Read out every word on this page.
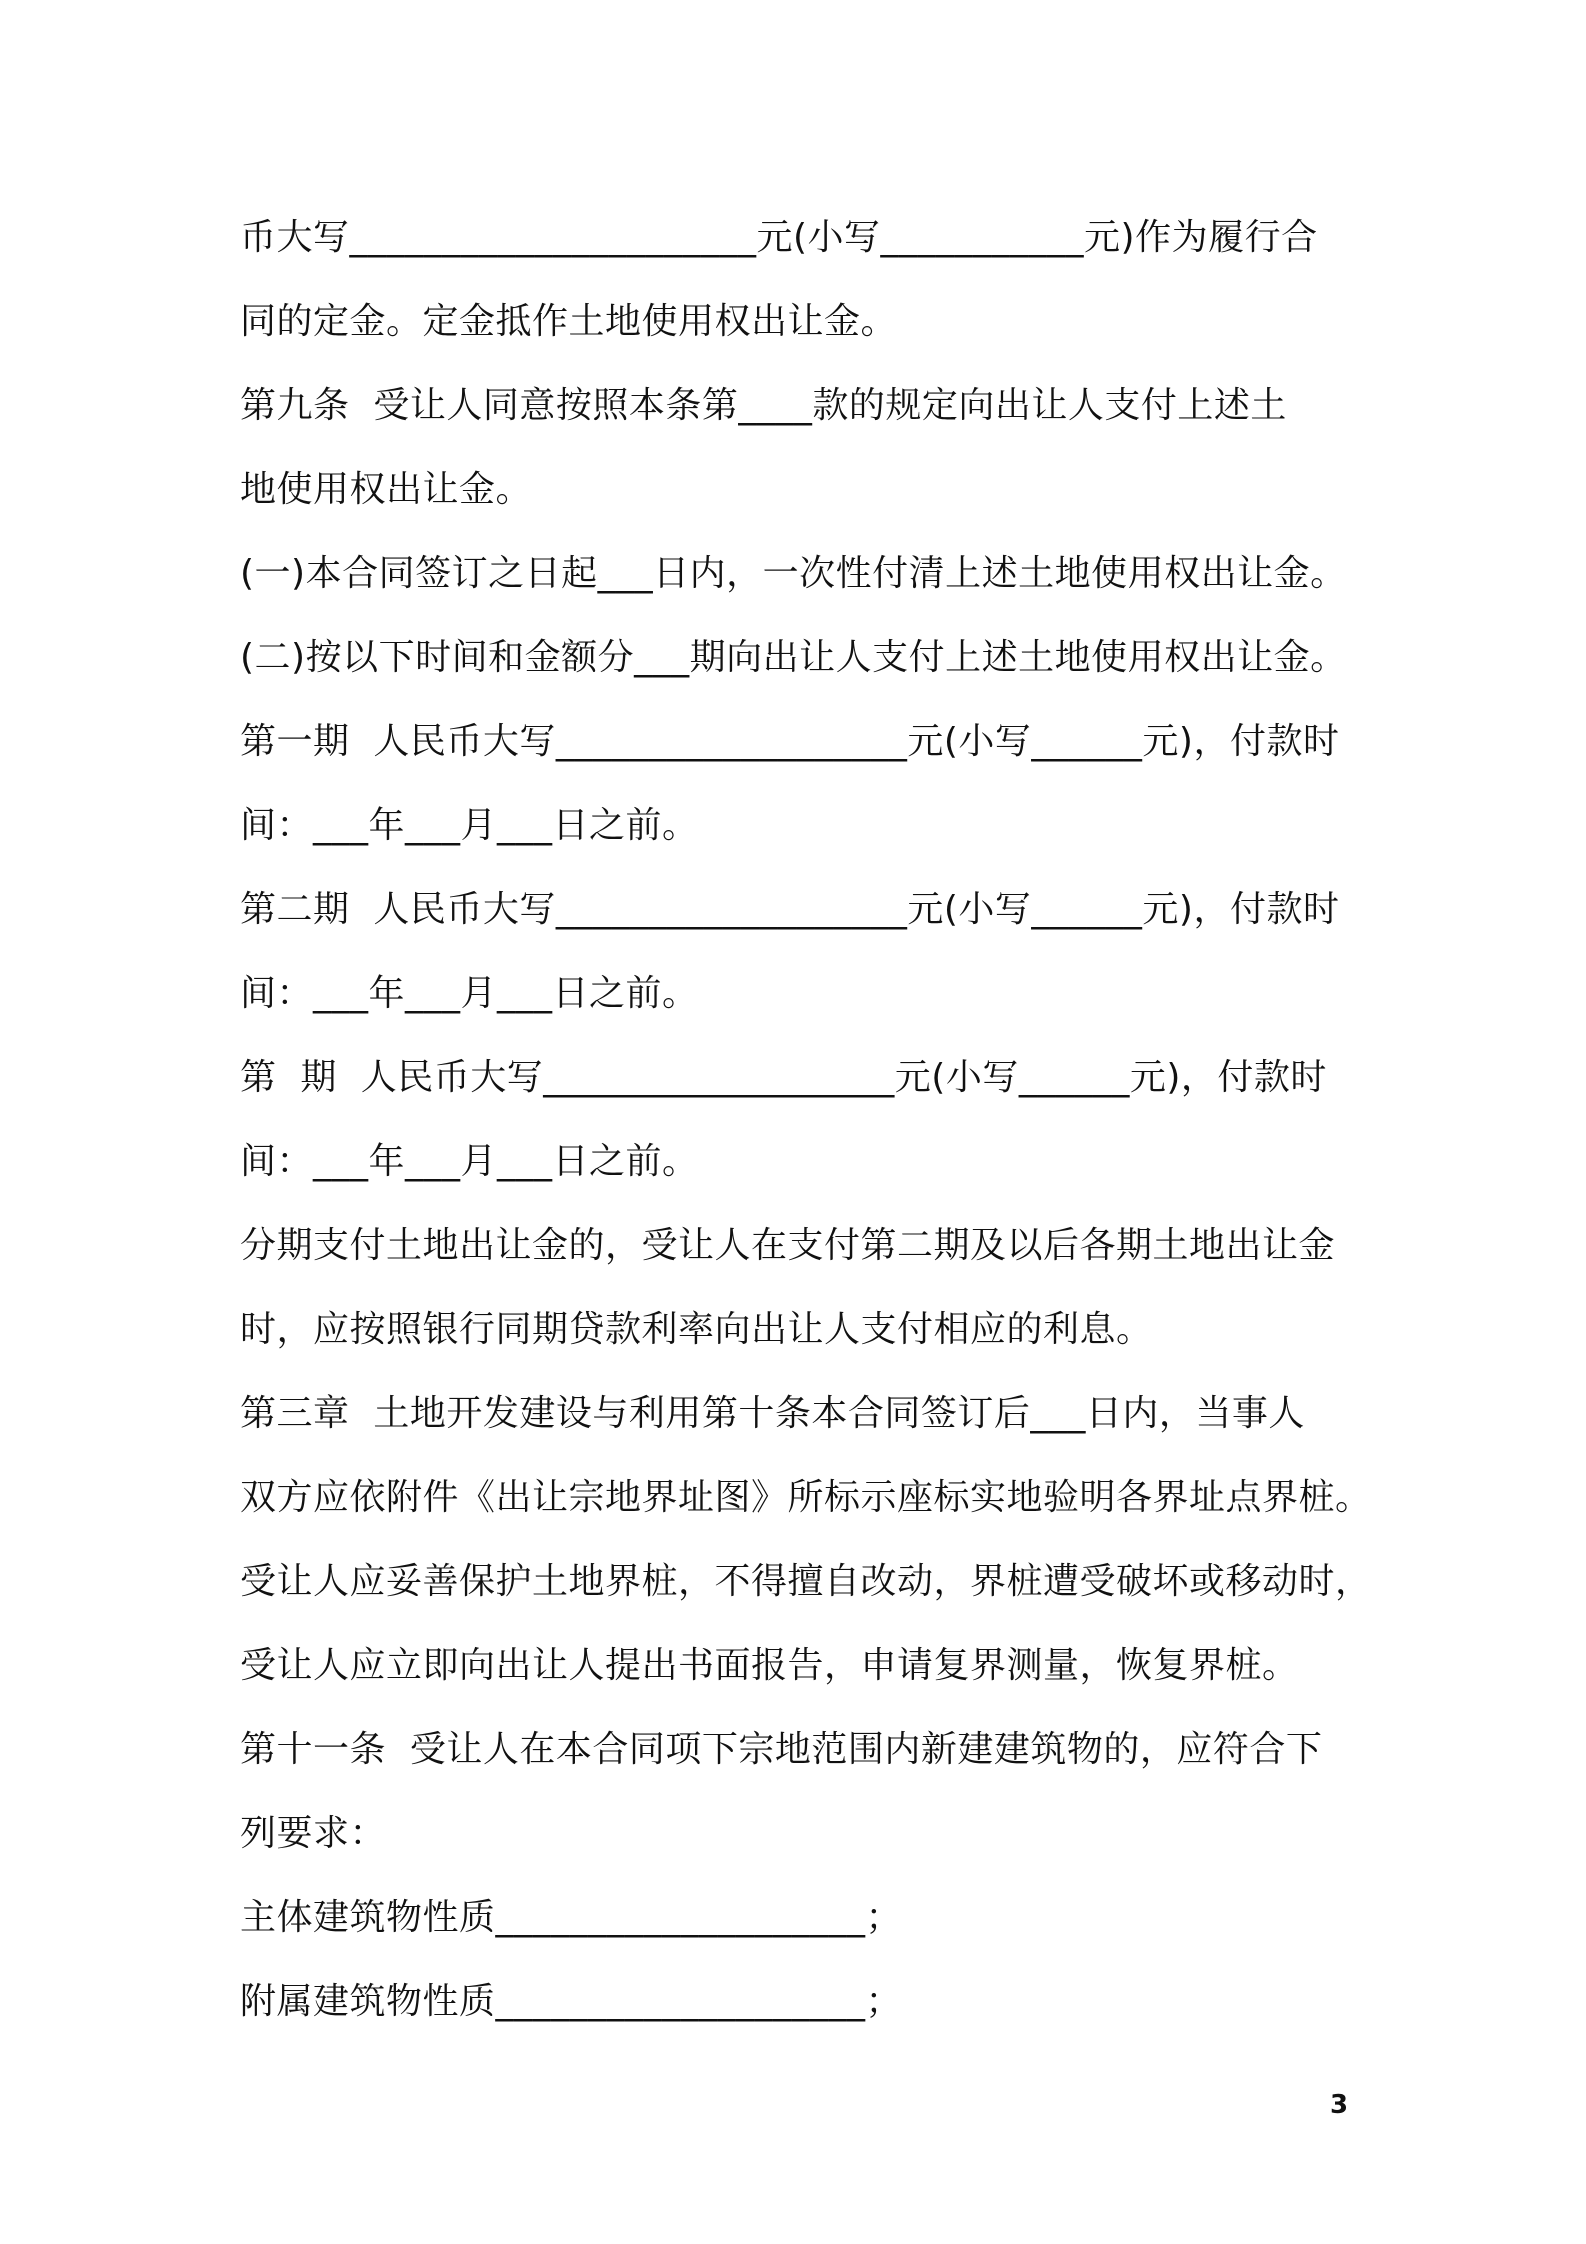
币大写______________________元(小写___________元)作为履行合
同的定金。定金抵作土地使用权出让金。
第九条  受让人同意按照本条第____款的规定向出让人支付上述土
地使用权出让金。
(一)本合同签订之日起___日内，一次性付清上述土地使用权出让金。
(二)按以下时间和金额分___期向出让人支付上述土地使用权出让金。
第一期  人民币大写___________________元(小写______元)，付款时
间：___年___月___日之前。
第二期  人民币大写___________________元(小写______元)，付款时
间：___年___月___日之前。
第  期  人民币大写___________________元(小写______元)，付款时
间：___年___月___日之前。
分期支付土地出让金的，受让人在支付第二期及以后各期土地出让金
时，应按照银行同期贷款利率向出让人支付相应的利息。
第三章  土地开发建设与利用第十条本合同签订后___日内，当事人
双方应依附件《出让宗地界址图》所标示座标实地验明各界址点界桩。
受让人应妥善保护土地界桩，不得擅自改动，界桩遭受破坏或移动时，
受让人应立即向出让人提出书面报告，申请复界测量，恢复界桩。
第十一条  受让人在本合同项下宗地范围内新建建筑物的，应符合下
列要求：
主体建筑物性质____________________；
附属建筑物性质____________________；
3
